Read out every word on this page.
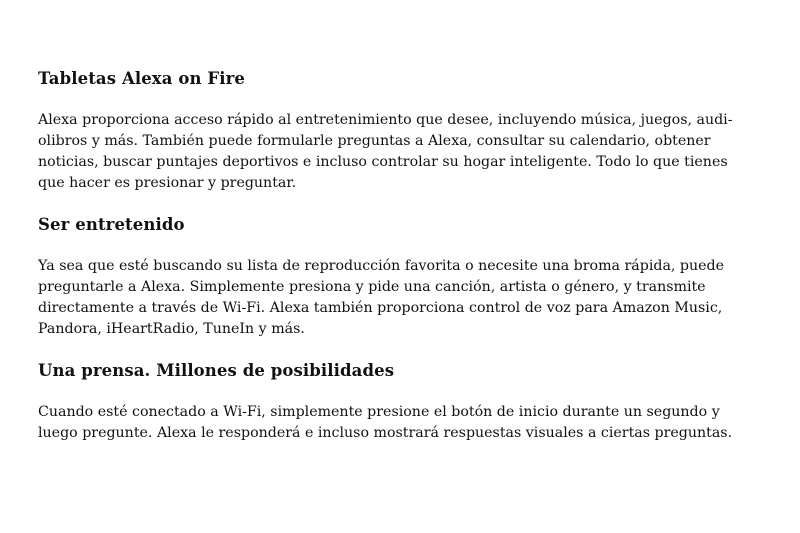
Tabletas Alexa on Fire
Alexa proporciona acceso rápido al entretenimiento que desee, incluyendo música, juegos, audi-
olibros y más. También puede formularle preguntas a Alexa, consultar su calendario, obtener
noticias, buscar puntajes deportivos e incluso controlar su hogar inteligente. Todo lo que tienes
que hacer es presionar y preguntar.
Ser entretenido
Ya sea que esté buscando su lista de reproducción favorita o necesite una broma rápida, puede
preguntarle a Alexa. Simplemente presiona y pide una canción, artista o género, y transmite
directamente a través de Wi-Fi. Alexa también proporciona control de voz para Amazon Music,
Pandora, iHeartRadio, TuneIn y más.
Una prensa. Millones de posibilidades
Cuando esté conectado a Wi-Fi, simplemente presione el botón de inicio durante un segundo y
luego pregunte. Alexa le responderá e incluso mostrará respuestas visuales a ciertas preguntas.
